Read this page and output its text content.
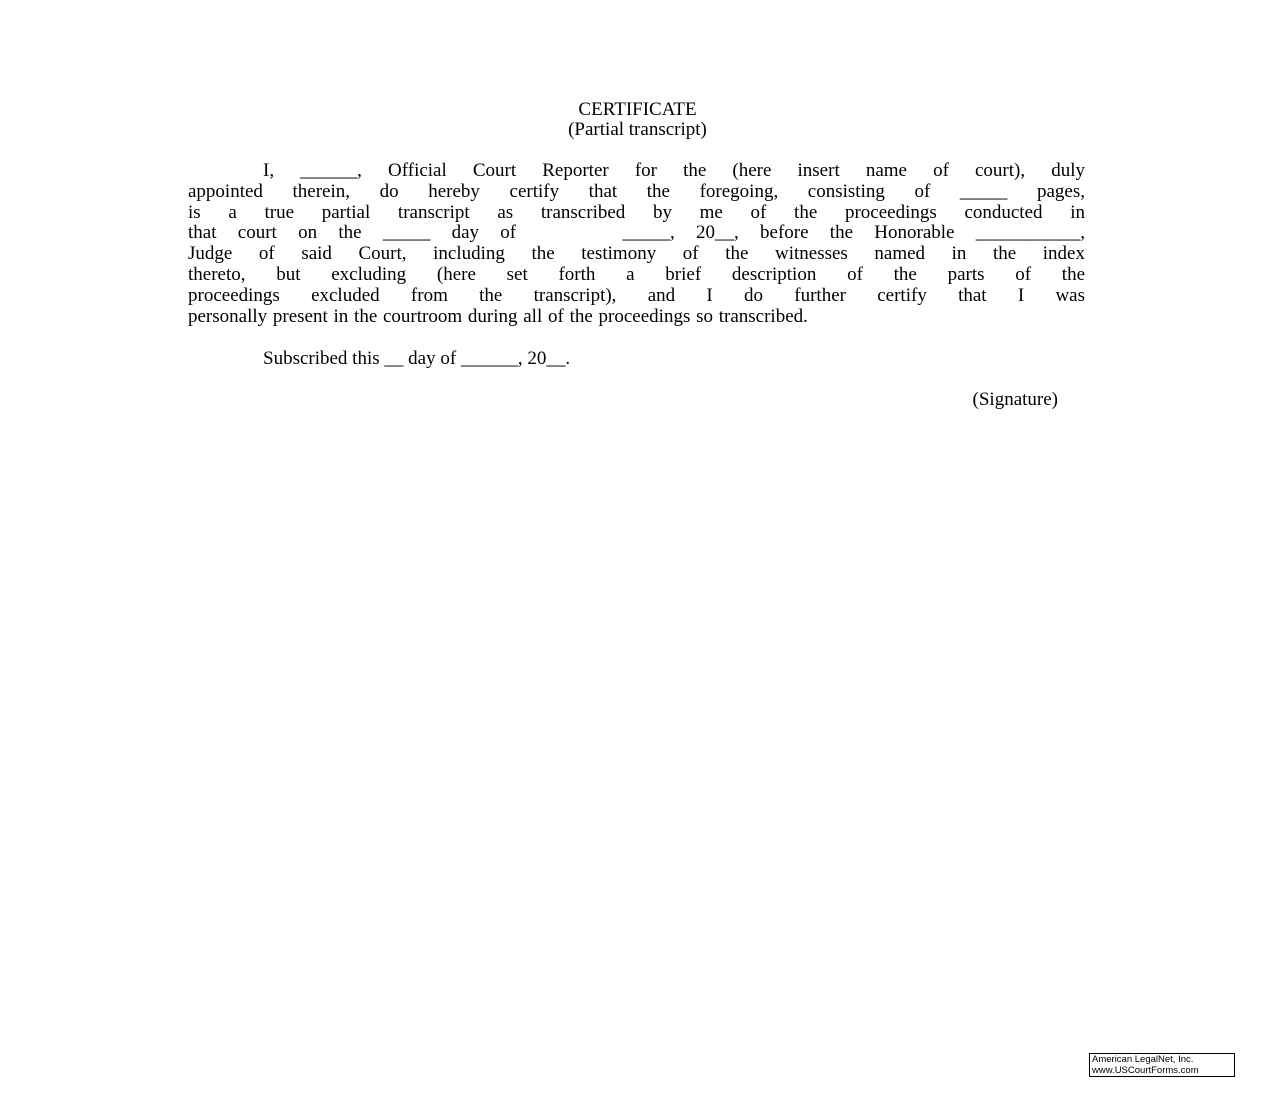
CERTIFICATE
(Partial transcript)
I, ______, Official Court Reporter for the (here insert name of court), duly
appointed therein, do hereby certify that the foregoing, consisting of _____ pages,
is a true partial transcript as transcribed by me of the proceedings conducted in
that court on the _____ day of     _____, 20__, before the Honorable ___________,
Judge of said Court, including the testimony of the witnesses named in the index
thereto, but excluding (here set forth a brief description of the parts of the
proceedings excluded from the transcript), and I do further certify that I was
personally present in the courtroom during all of the proceedings so transcribed.
Subscribed this __ day of ______, 20__.
(Signature)
American LegalNet, Inc.
www.USCourtForms.com
